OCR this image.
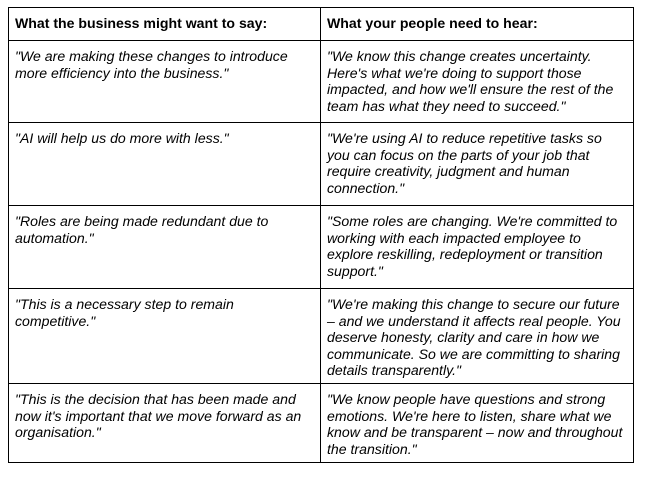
What the business might want to say:	What your people need to hear:
"We are making these changes to introduce more efficiency into the business."	"We know this change creates uncertainty. Here's what we're doing to support those impacted, and how we'll ensure the rest of the team has what they need to succeed."
"AI will help us do more with less."	"We're using AI to reduce repetitive tasks so you can focus on the parts of your job that require creativity, judgment and human connection."
"Roles are being made redundant due to automation."	"Some roles are changing. We're committed to working with each impacted employee to explore reskilling, redeployment or transition support."
"This is a necessary step to remain competitive."	"We're making this change to secure our future – and we understand it affects real people. You deserve honesty, clarity and care in how we communicate. So we are committing to sharing details transparently."
"This is the decision that has been made and now it's important that we move forward as an organisation."	"We know people have questions and strong emotions. We're here to listen, share what we know and be transparent – now and throughout the transition."
